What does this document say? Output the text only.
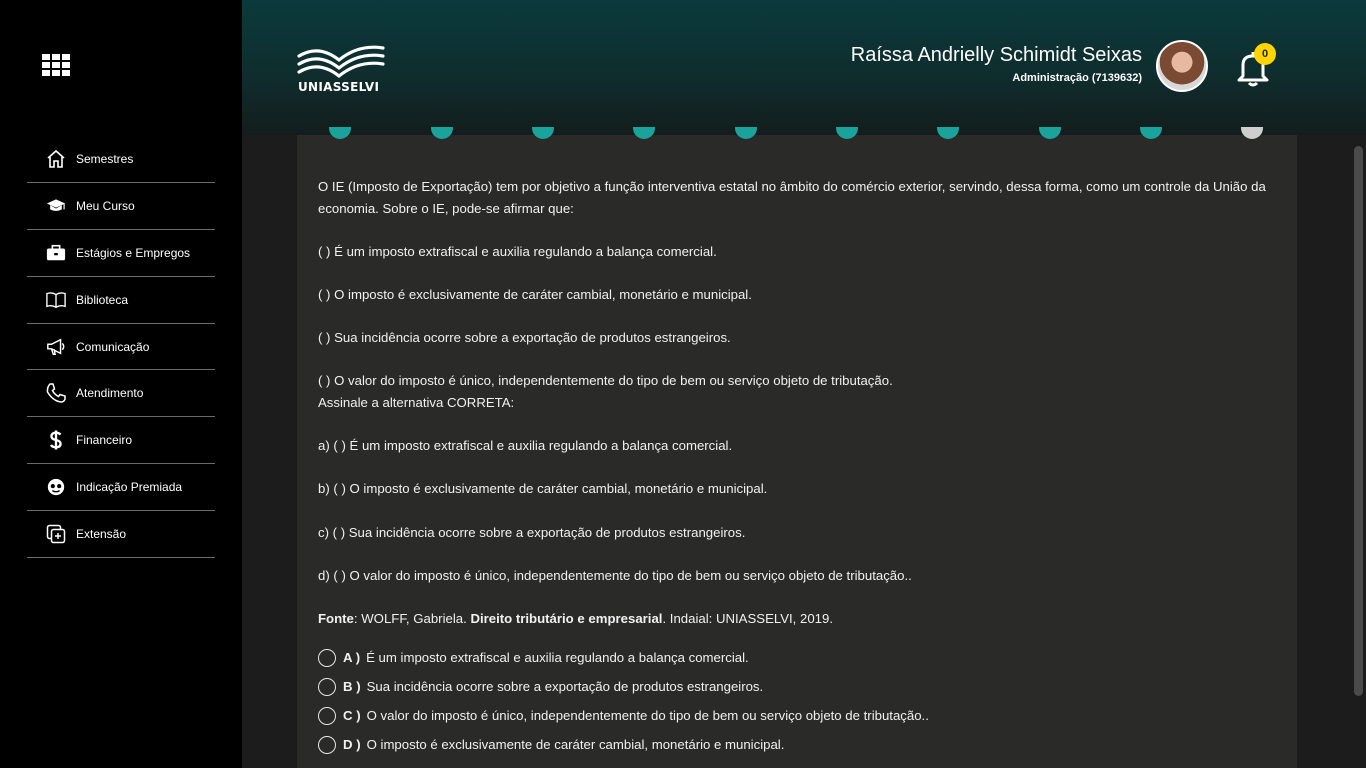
Semestres
Meu Curso
Estágios e Empregos
Biblioteca
Comunicação
Atendimento
Financeiro
Indicação Premiada
Extensão
UNIASSELVI
Raíssa Andrielly Schimidt Seixas
Administração (7139632)
0

O IE (Imposto de Exportação) tem por objetivo a função interventiva estatal no âmbito do comércio exterior, servindo, dessa forma, como um controle da União da economia. Sobre o IE, pode-se afirmar que:

( ) É um imposto extrafiscal e auxilia regulando a balança comercial.

( ) O imposto é exclusivamente de caráter cambial, monetário e municipal.

( ) Sua incidência ocorre sobre a exportação de produtos estrangeiros.

( ) O valor do imposto é único, independentemente do tipo de bem ou serviço objeto de tributação.

Assinale a alternativa CORRETA:

a) ( ) É um imposto extrafiscal e auxilia regulando a balança comercial.

b) ( ) O imposto é exclusivamente de caráter cambial, monetário e municipal.

c) ( ) Sua incidência ocorre sobre a exportação de produtos estrangeiros.

d) ( ) O valor do imposto é único, independentemente do tipo de bem ou serviço objeto de tributação..

Fonte: WOLFF, Gabriela. Direito tributário e empresarial. Indaial: UNIASSELVI, 2019.

A ) É um imposto extrafiscal e auxilia regulando a balança comercial.
B ) Sua incidência ocorre sobre a exportação de produtos estrangeiros.
C ) O valor do imposto é único, independentemente do tipo de bem ou serviço objeto de tributação..
D ) O imposto é exclusivamente de caráter cambial, monetário e municipal.
